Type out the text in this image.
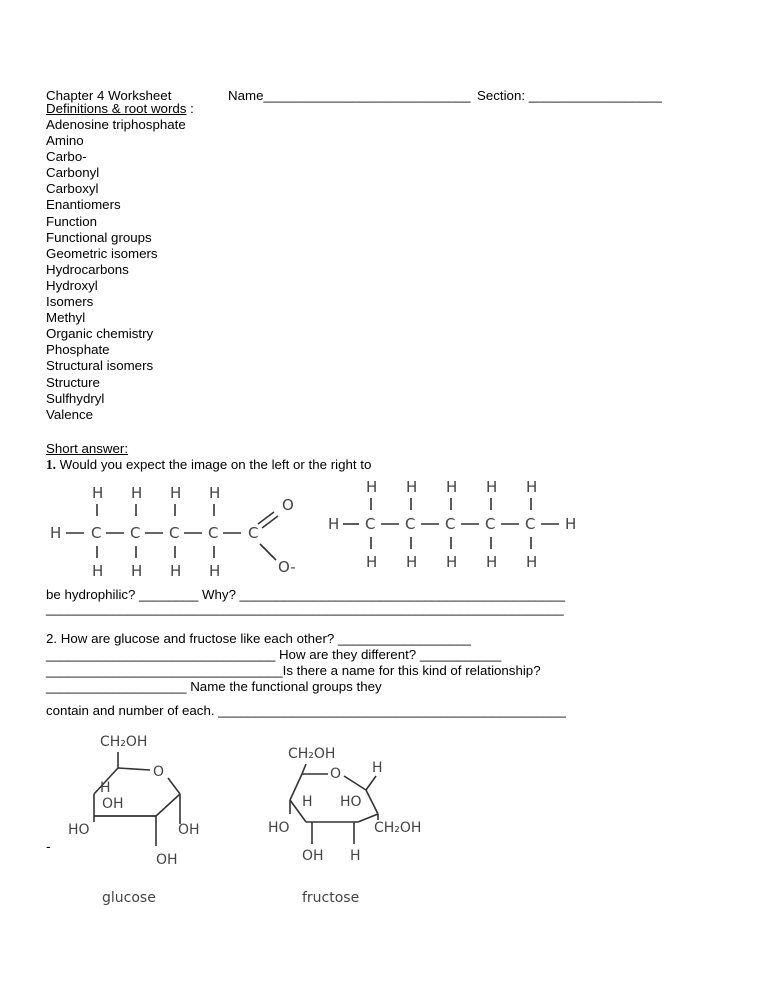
Chapter 4 Worksheet	Name____________________________ Section: __________________
Definitions & root words :
Adenosine triphosphate
Amino
Carbo-
Carbonyl
Carboxyl
Enantiomers
Function
Functional groups
Geometric isomers
Hydrocarbons
Hydroxyl
Isomers
Methyl
Organic chemistry
Phosphate
Structural isomers
Structure
Sulfhydryl
Valence
Short answer:
1. Would you expect the image on the left or the right to
H H H H
H C C C C C
O
O-
H H H H
H H H H H
H C C C C C H
H H H H H
be hydrophilic? ________ Why? ____________________________________________
______________________________________________________________________
2. How are glucose and fructose like each other? __________________
_______________________________ How are they different? ___________
________________________________Is there a name for this kind of relationship?
___________________ Name the functional groups they
contain and number of each. _______________________________________________
CH₂OH
O
H
OH
HO	OH
OH
glucose
-
CH₂OH
O H
H HO
HO	CH₂OH
OH H
fructose
